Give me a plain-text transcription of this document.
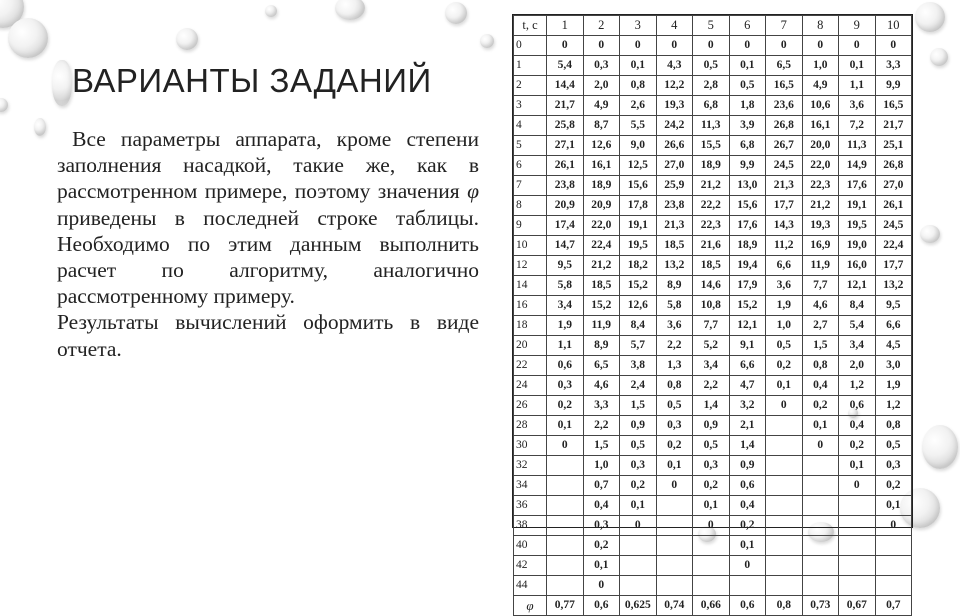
ВАРИАНТЫ ЗАДАНИЙ

Все параметры аппарата, кроме степени заполнения насадкой, такие же, как в рассмотренном примере, поэтому значения φ приведены в последней строке таблицы. Необходимо по этим данным выполнить расчет по алгоритму, аналогично рассмотренному примеру.

Результаты вычислений оформить в виде отчета.

t, c	1	2	3	4	5	6	7	8	9	10
0	0	0	0	0	0	0	0	0	0	0
1	5,4	0,3	0,1	4,3	0,5	0,1	6,5	1,0	0,1	3,3
2	14,4	2,0	0,8	12,2	2,8	0,5	16,5	4,9	1,1	9,9
3	21,7	4,9	2,6	19,3	6,8	1,8	23,6	10,6	3,6	16,5
4	25,8	8,7	5,5	24,2	11,3	3,9	26,8	16,1	7,2	21,7
5	27,1	12,6	9,0	26,6	15,5	6,8	26,7	20,0	11,3	25,1
6	26,1	16,1	12,5	27,0	18,9	9,9	24,5	22,0	14,9	26,8
7	23,8	18,9	15,6	25,9	21,2	13,0	21,3	22,3	17,6	27,0
8	20,9	20,9	17,8	23,8	22,2	15,6	17,7	21,2	19,1	26,1
9	17,4	22,0	19,1	21,3	22,3	17,6	14,3	19,3	19,5	24,5
10	14,7	22,4	19,5	18,5	21,6	18,9	11,2	16,9	19,0	22,4
12	9,5	21,2	18,2	13,2	18,5	19,4	6,6	11,9	16,0	17,7
14	5,8	18,5	15,2	8,9	14,6	17,9	3,6	7,7	12,1	13,2
16	3,4	15,2	12,6	5,8	10,8	15,2	1,9	4,6	8,4	9,5
18	1,9	11,9	8,4	3,6	7,7	12,1	1,0	2,7	5,4	6,6
20	1,1	8,9	5,7	2,2	5,2	9,1	0,5	1,5	3,4	4,5
22	0,6	6,5	3,8	1,3	3,4	6,6	0,2	0,8	2,0	3,0
24	0,3	4,6	2,4	0,8	2,2	4,7	0,1	0,4	1,2	1,9
26	0,2	3,3	1,5	0,5	1,4	3,2	0	0,2	0,6	1,2
28	0,1	2,2	0,9	0,3	0,9	2,1		0,1	0,4	0,8
30	0	1,5	0,5	0,2	0,5	1,4		0	0,2	0,5
32		1,0	0,3	0,1	0,3	0,9			0,1	0,3
34		0,7	0,2	0	0,2	0,6			0	0,2
36		0,4	0,1		0,1	0,4				0,1
38		0,3	0		0	0,2				0
40		0,2				0,1				
42		0,1				0				
44		0								
φ	0,77	0,6	0,625	0,74	0,66	0,6	0,8	0,73	0,67	0,7
